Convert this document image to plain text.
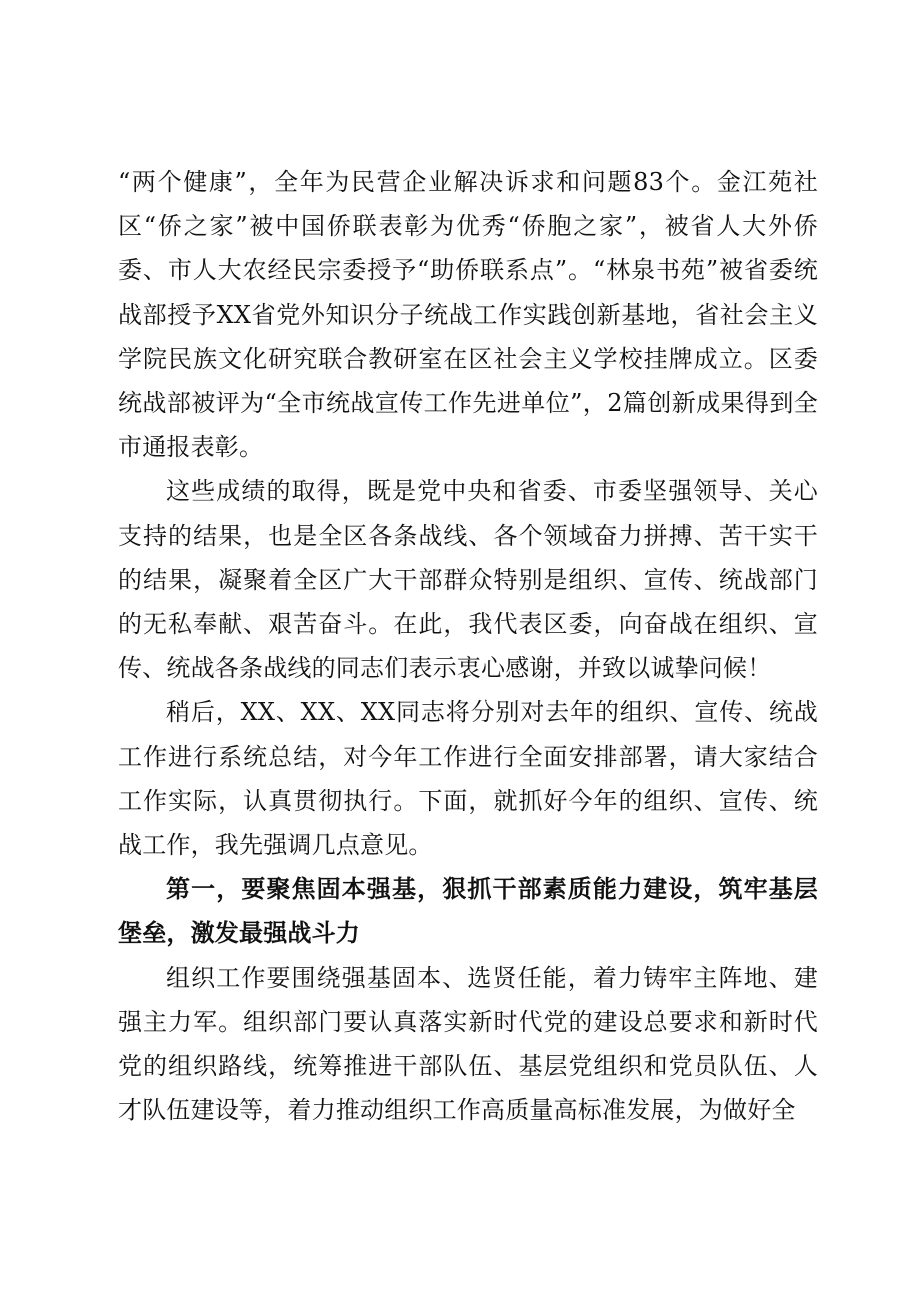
“两个健康”，全年为民营企业解决诉求和问题83个。金江苑社区“侨之家”被中国侨联表彰为优秀“侨胞之家”，被省人大外侨委、市人大农经民宗委授予“助侨联系点”。“林泉书苑”被省委统战部授予XX省党外知识分子统战工作实践创新基地，省社会主义学院民族文化研究联合教研室在区社会主义学校挂牌成立。区委统战部被评为“全市统战宣传工作先进单位”，2篇创新成果得到全市通报表彰。

这些成绩的取得，既是党中央和省委、市委坚强领导、关心支持的结果，也是全区各条战线、各个领域奋力拼搏、苦干实干的结果，凝聚着全区广大干部群众特别是组织、宣传、统战部门的无私奉献、艰苦奋斗。在此，我代表区委，向奋战在组织、宣传、统战各条战线的同志们表示衷心感谢，并致以诚挚问候！

稍后，XX、XX、XX同志将分别对去年的组织、宣传、统战工作进行系统总结，对今年工作进行全面安排部署，请大家结合工作实际，认真贯彻执行。下面，就抓好今年的组织、宣传、统战工作，我先强调几点意见。

第一，要聚焦固本强基，狠抓干部素质能力建设，筑牢基层堡垒，激发最强战斗力

组织工作要围绕强基固本、选贤任能，着力铸牢主阵地、建强主力军。组织部门要认真落实新时代党的建设总要求和新时代党的组织路线，统筹推进干部队伍、基层党组织和党员队伍、人才队伍建设等，着力推动组织工作高质量高标准发展，为做好全
